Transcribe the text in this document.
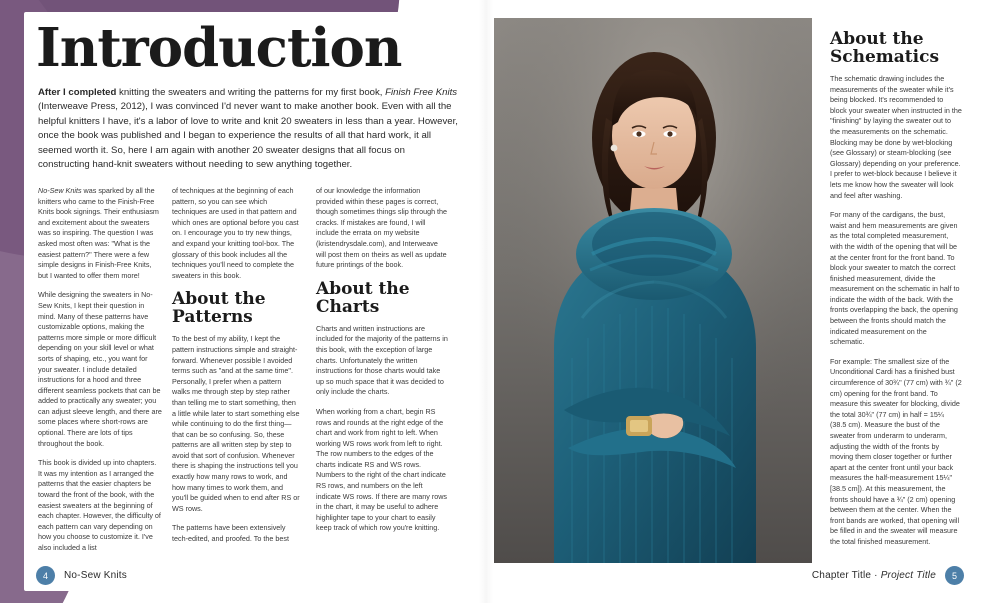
Introduction
After I completed knitting the sweaters and writing the patterns for my first book, Finish Free Knits (Interweave Press, 2012), I was convinced I'd never want to make another book. Even with all the helpful knitters I have, it's a labor of love to write and knit 20 sweaters in less than a year. However, once the book was published and I began to experience the results of all that hard work, it all seemed worth it. So, here I am again with another 20 sweater designs that all focus on constructing hand-knit sweaters without needing to sew anything together.

No-Sew Knits was sparked by all the knitters who came to the Finish-Free Knits book signings. Their enthusiasm and excitement about the sweaters was so inspiring. The question I was asked most often was: "What is the easiest pattern?" There were a few simple designs in Finish-Free Knits, but I wanted to offer them more!

While designing the sweaters in No-Sew Knits, I kept their question in mind. Many of these patterns have customizable options, making the patterns more simple or more difficult depending on your skill level or what sorts of shaping, etc., you want for your sweater. I include detailed instructions for a hood and three different seamless pockets that can be added to practically any sweater; you can adjust sleeve length, and there are some places where short-rows are optional. There are lots of tips throughout the book.

This book is divided up into chapters. It was my intention as I arranged the patterns that the easier chapters be toward the front of the book, with the easiest sweaters at the beginning of each chapter. However, the difficulty of each pattern can vary depending on how you choose to customize it. I've also included a list

of techniques at the beginning of each pattern, so you can see which techniques are used in that pattern and which ones are optional before you cast on. I encourage you to try new things, and expand your knitting tool-box. The glossary of this book includes all the techniques you'll need to complete the sweaters in this book.

About the Patterns

To the best of my ability, I kept the pattern instructions simple and straight-forward. Whenever possible I avoided terms such as "and at the same time". Personally, I prefer when a pattern walks me through step by step rather than telling me to start something, then a little while later to start something else while continuing to do the first thing—that can be so confusing. So, these patterns are all written step by step to avoid that sort of confusion. Whenever there is shaping the instructions tell you exactly how many rows to work, and how many times to work them, and you'll be guided when to end after RS or WS rows.

The patterns have been extensively tech-edited, and proofed. To the best

of our knowledge the information provided within these pages is correct, though sometimes things slip through the cracks. If mistakes are found, I will include the errata on my website (kristendrysdale.com), and Interweave will post them on theirs as well as update future printings of the book.

About the Charts

Charts and written instructions are included for the majority of the patterns in this book, with the exception of large charts. Unfortunately the written instructions for those charts would take up so much space that it was decided to only include the charts.

When working from a chart, begin RS rows and rounds at the right edge of the chart and work from right to left. When working WS rows work from left to right. The row numbers to the edges of the charts indicate RS and WS rows. Numbers to the right of the chart indicate RS rows, and numbers on the left indicate WS rows. If there are many rows in the chart, it may be useful to adhere highlighter tape to your chart to easily keep track of which row you're knitting.

About the Schematics

The schematic drawing includes the measurements of the sweater while it's being blocked. It's recommended to block your sweater when instructed in the "finishing" by laying the sweater out to the measurements on the schematic. Blocking may be done by wet-blocking (see Glossary) or steam-blocking (see Glossary) depending on your preference. I prefer to wet-block because I believe it lets me know how the sweater will look and feel after washing.

For many of the cardigans, the bust, waist and hem measurements are given as the total completed measurement, with the width of the opening that will be at the center front for the front band. To block your sweater to match the correct finished measurement, divide the measurement on the schematic in half to indicate the width of the back. With the fronts overlapping the back, the opening between the fronts should match the indicated measurement on the schematic.

For example: The smallest size of the Unconditional Cardi has a finished bust circumference of 30¾" (77 cm) with ¾" (2 cm) opening for the front band. To measure this sweater for blocking, divide the total 30¾" (77 cm) in half = 15¼ (38.5 cm). Measure the bust of the sweater from underarm to underarm, adjusting the width of the fronts by moving them closer together or further apart at the center front until your back measures the half-measurement 15¼" [38.5 cm]). At this measurement, the fronts should have a ¾" (2 cm) opening between them at the center. When the front bands are worked, that opening will be filled in and the sweater will measure the total finished measurement.

4	No-Sew Knits	Chapter Title · Project Title	5
